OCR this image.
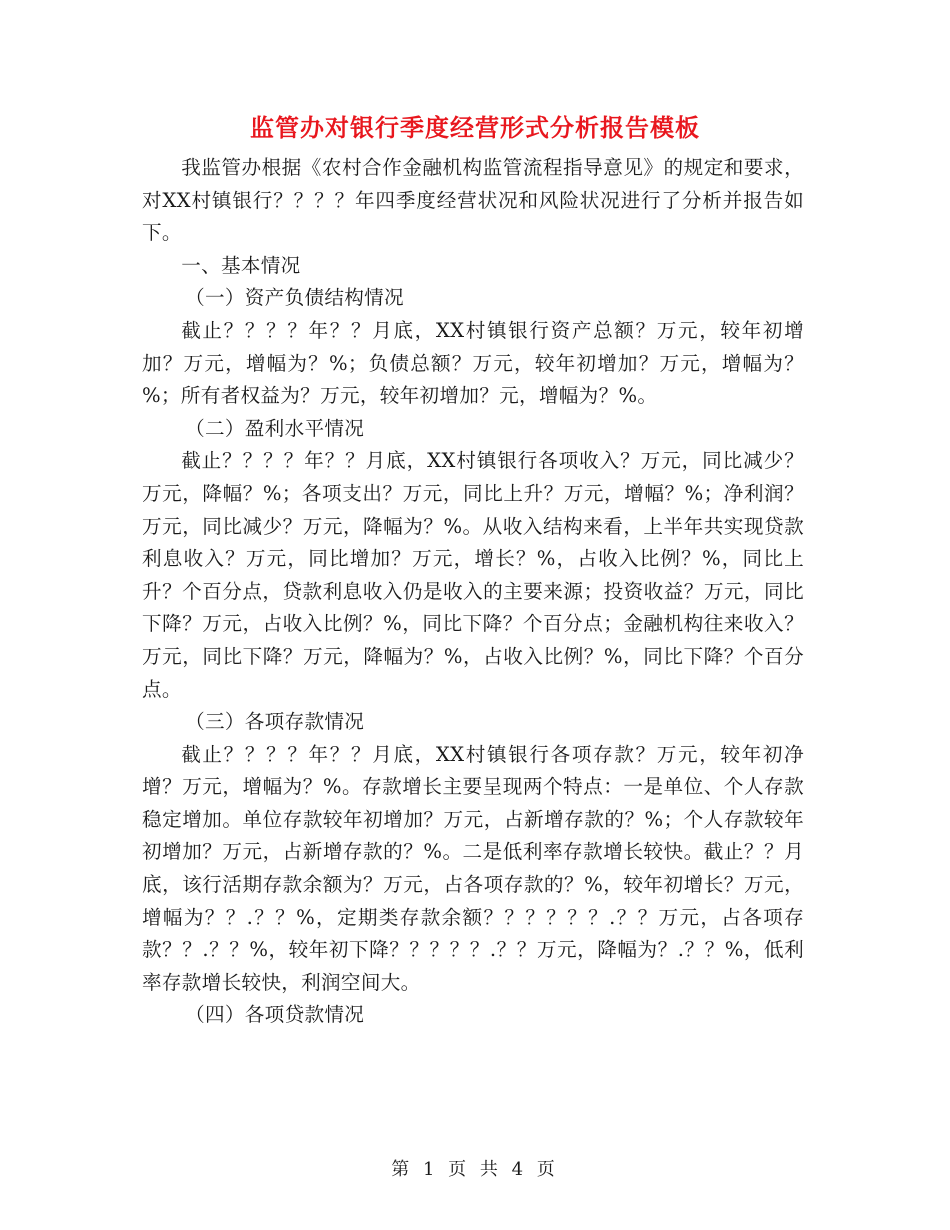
监管办对银行季度经营形式分析报告模板

我监管办根据《农村合作金融机构监管流程指导意见》的规定和要求，对XX村镇银行？？？？年四季度经营状况和风险状况进行了分析并报告如下。

一、基本情况

（一）资产负债结构情况

截止？？？？年？？月底，XX村镇银行资产总额？万元，较年初增加？万元，增幅为？%；负债总额？万元，较年初增加？万元，增幅为？%；所有者权益为？万元，较年初增加？元，增幅为？%。

（二）盈利水平情况

截止？？？？年？？月底，XX村镇银行各项收入？万元，同比减少？万元，降幅？%；各项支出？万元，同比上升？万元，增幅？%；净利润？万元，同比减少？万元，降幅为？%。从收入结构来看，上半年共实现贷款利息收入？万元，同比增加？万元，增长？%，占收入比例？%，同比上升？个百分点，贷款利息收入仍是收入的主要来源；投资收益？万元，同比下降？万元，占收入比例？%，同比下降？个百分点；金融机构往来收入？万元，同比下降？万元，降幅为？%，占收入比例？%，同比下降？个百分点。

（三）各项存款情况

截止？？？？年？？月底，XX村镇银行各项存款？万元，较年初净增？万元，增幅为？%。存款增长主要呈现两个特点：一是单位、个人存款稳定增加。单位存款较年初增加？万元，占新增存款的？%；个人存款较年初增加？万元，占新增存款的？%。二是低利率存款增长较快。截止？？月底，该行活期存款余额为？万元，占各项存款的？%，较年初增长？万元，增幅为？？.？？%，定期类存款余额？？？？？？.？？万元，占各项存款？？.？？%，较年初下降？？？？？.？？万元，降幅为？.？？%，低利率存款增长较快，利润空间大。

（四）各项贷款情况

第 1 页 共 4 页
